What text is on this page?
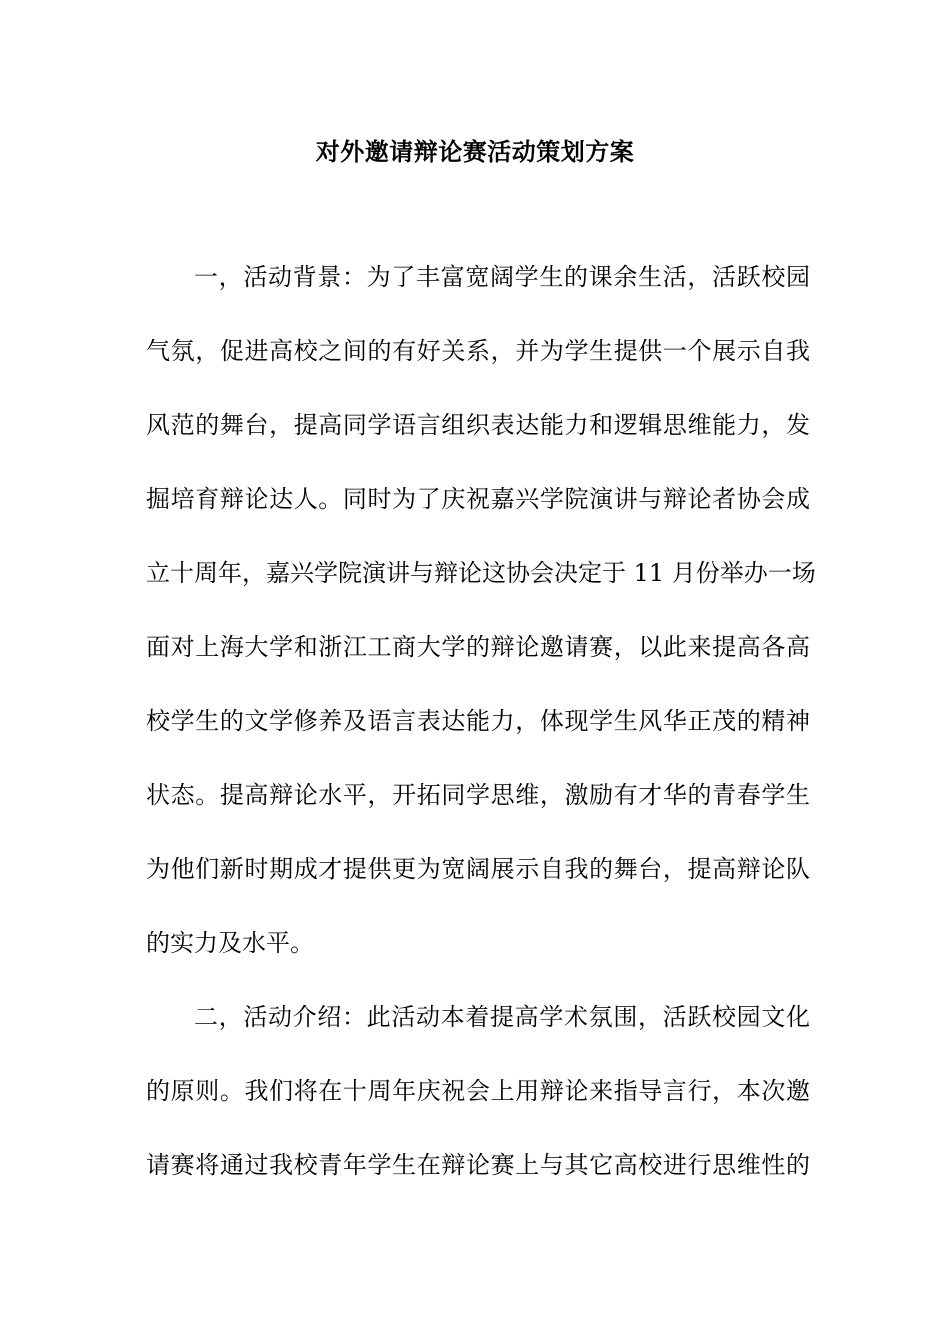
对外邀请辩论赛活动策划方案
一，活动背景：为了丰富宽阔学生的课余生活，活跃校园
气氛，促进高校之间的有好关系，并为学生提供一个展示自我
风范的舞台，提高同学语言组织表达能力和逻辑思维能力，发
掘培育辩论达人。同时为了庆祝嘉兴学院演讲与辩论者协会成
立十周年，嘉兴学院演讲与辩论这协会决定于 11 月份举办一场
面对上海大学和浙江工商大学的辩论邀请赛，以此来提高各高
校学生的文学修养及语言表达能力，体现学生风华正茂的精神
状态。提高辩论水平，开拓同学思维，激励有才华的青春学生
为他们新时期成才提供更为宽阔展示自我的舞台，提高辩论队
的实力及水平。
二，活动介绍：此活动本着提高学术氛围，活跃校园文化
的原则。我们将在十周年庆祝会上用辩论来指导言行，本次邀
请赛将通过我校青年学生在辩论赛上与其它高校进行思维性的
